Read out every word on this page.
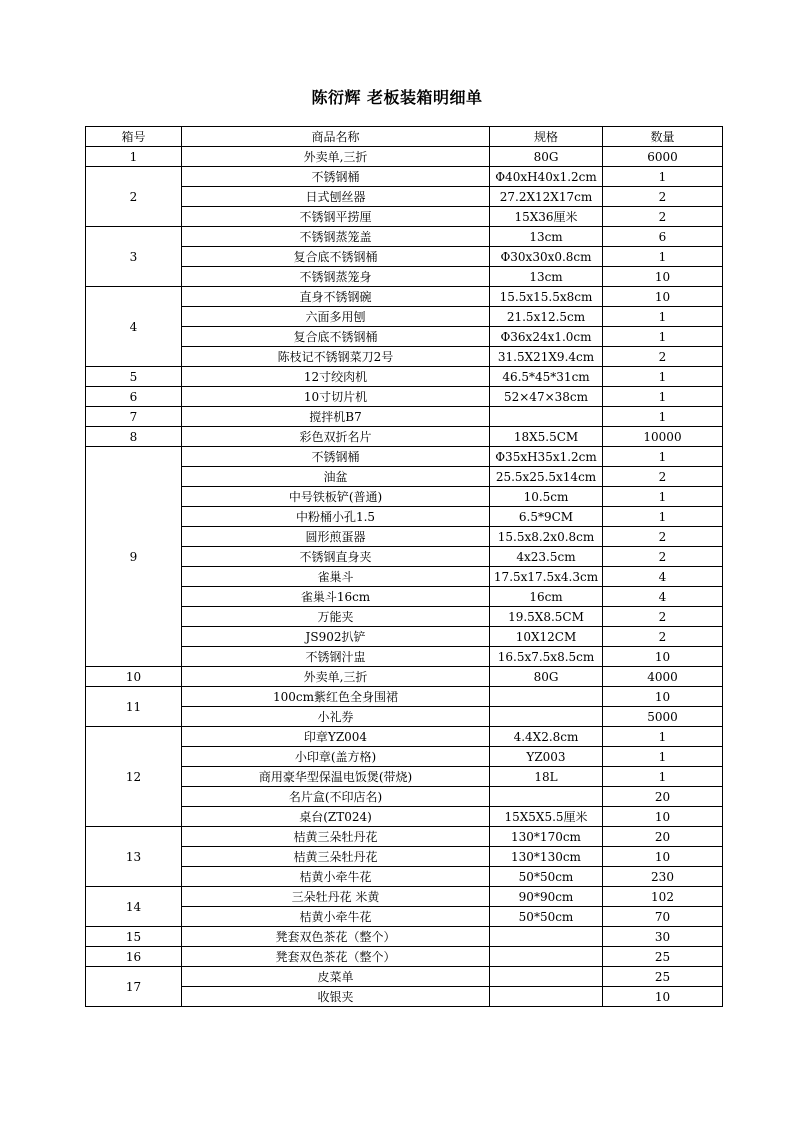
陈衍辉 老板装箱明细单
箱号	商品名称	规格	数量
1	外卖单,三折	80G	6000
2	不锈钢桶	Φ40xH40x1.2cm	1
	日式刨丝器	27.2X12X17cm	2
	不锈钢平捞厘	15X36厘米	2
3	不锈钢蒸笼盖	13cm	6
	复合底不锈钢桶	Φ30x30x0.8cm	1
	不锈钢蒸笼身	13cm	10
4	直身不锈钢碗	15.5x15.5x8cm	10
	六面多用刨	21.5x12.5cm	1
	复合底不锈钢桶	Φ36x24x1.0cm	1
	陈枝记不锈钢菜刀2号	31.5X21X9.4cm	2
5	12寸绞肉机	46.5*45*31cm	1
6	10寸切片机	52×47×38cm	1
7	搅拌机B7		1
8	彩色双折名片	18X5.5CM	10000
9	不锈钢桶	Φ35xH35x1.2cm	1
	油盆	25.5x25.5x14cm	2
	中号铁板铲(普通)	10.5cm	1
	中粉桶小孔1.5	6.5*9CM	1
	圆形煎蛋器	15.5x8.2x0.8cm	2
	不锈钢直身夹	4x23.5cm	2
	雀巢斗	17.5x17.5x4.3cm	4
	雀巢斗16cm	16cm	4
	万能夹	19.5X8.5CM	2
	JS902扒铲	10X12CM	2
	不锈钢汁盅	16.5x7.5x8.5cm	10
10	外卖单,三折	80G	4000
11	100cm紫红色全身围裙		10
	小礼券		5000
12	印章YZ004	4.4X2.8cm	1
	小印章(盖方格)	YZ003	1
	商用豪华型保温电饭煲(带烧)	18L	1
	名片盒(不印店名)		20
	桌台(ZT024)	15X5X5.5厘米	10
13	桔黄三朵牡丹花	130*170cm	20
	桔黄三朵牡丹花	130*130cm	10
	桔黄小牵牛花	50*50cm	230
14	三朵牡丹花 米黄	90*90cm	102
	桔黄小牵牛花	50*50cm	70
15	凳套双色茶花（整个）		30
16	凳套双色茶花（整个）		25
17	皮菜单		25
	收银夹		10
